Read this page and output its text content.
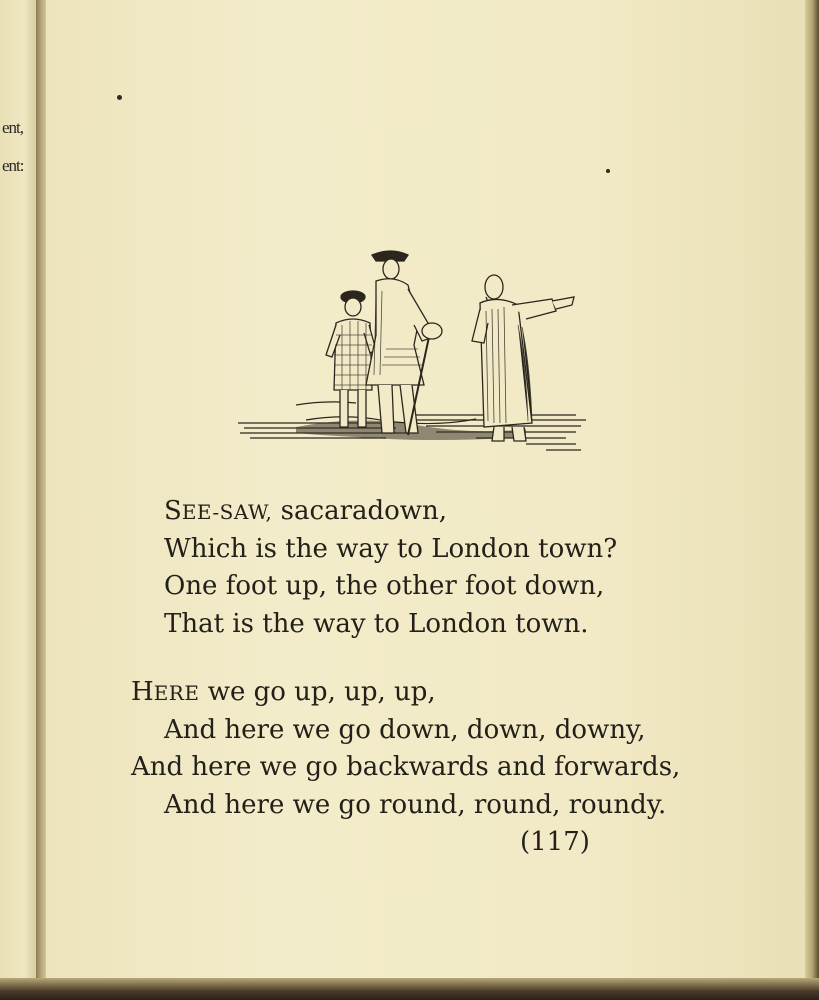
ent,
ent:
SEE-SAW, sacaradown,
Which is the way to London town?
One foot up, the other foot down,
That is the way to London town.
HERE we go up, up, up,
And here we go down, down, downy,
And here we go backwards and forwards,
And here we go round, round, roundy.
(117)
